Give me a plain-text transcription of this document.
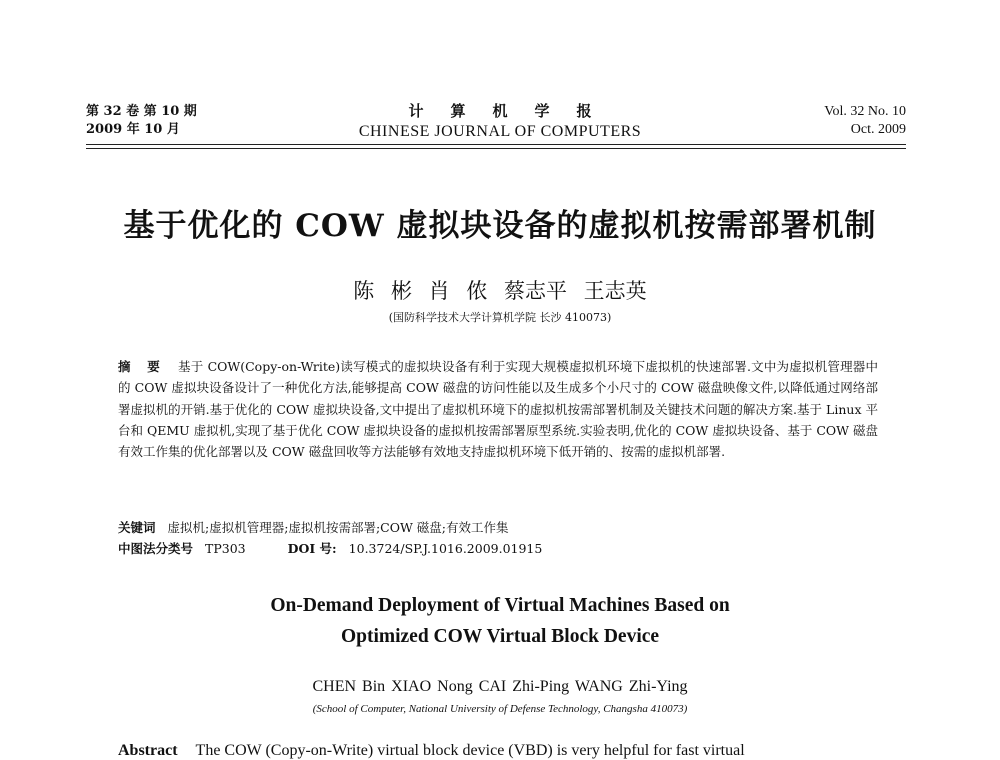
第 32 卷 第 10 期
2009 年 10 月
计算机学报
CHINESE JOURNAL OF COMPUTERS
Vol. 32 No. 10
Oct. 2009
基于优化的 COW 虚拟块设备的虚拟机按需部署机制
陈 彬 肖 侬 蔡志平 王志英
(国防科学技术大学计算机学院 长沙 410073)
摘 要 基于 COW(Copy-on-Write)读写模式的虚拟块设备有利于实现大规模虚拟机环境下虚拟机的快速部署.文中为虚拟机管理器中的 COW 虚拟块设备设计了一种优化方法,能够提高 COW 磁盘的访问性能以及生成多个小尺寸的 COW 磁盘映像文件,以降低通过网络部署虚拟机的开销.基于优化的 COW 虚拟块设备,文中提出了虚拟机环境下的虚拟机按需部署机制及关键技术问题的解决方案.基于 Linux 平台和 QEMU 虚拟机,实现了基于优化 COW 虚拟块设备的虚拟机按需部署原型系统.实验表明,优化的 COW 虚拟块设备、基于 COW 磁盘有效工作集的优化部署以及 COW 磁盘回收等方法能够有效地支持虚拟机环境下低开销的、按需的虚拟机部署.
关键词 虚拟机;虚拟机管理器;虚拟机按需部署;COW 磁盘;有效工作集
中图法分类号 TP303	DOI 号: 10.3724/SP.J.1016.2009.01915
On-Demand Deployment of Virtual Machines Based on
Optimized COW Virtual Block Device
CHEN Bin XIAO Nong CAI Zhi-Ping WANG Zhi-Ying
(School of Computer, National University of Defense Technology, Changsha 410073)
Abstract The COW (Copy-on-Write) virtual block device (VBD) is very helpful for fast virtual
